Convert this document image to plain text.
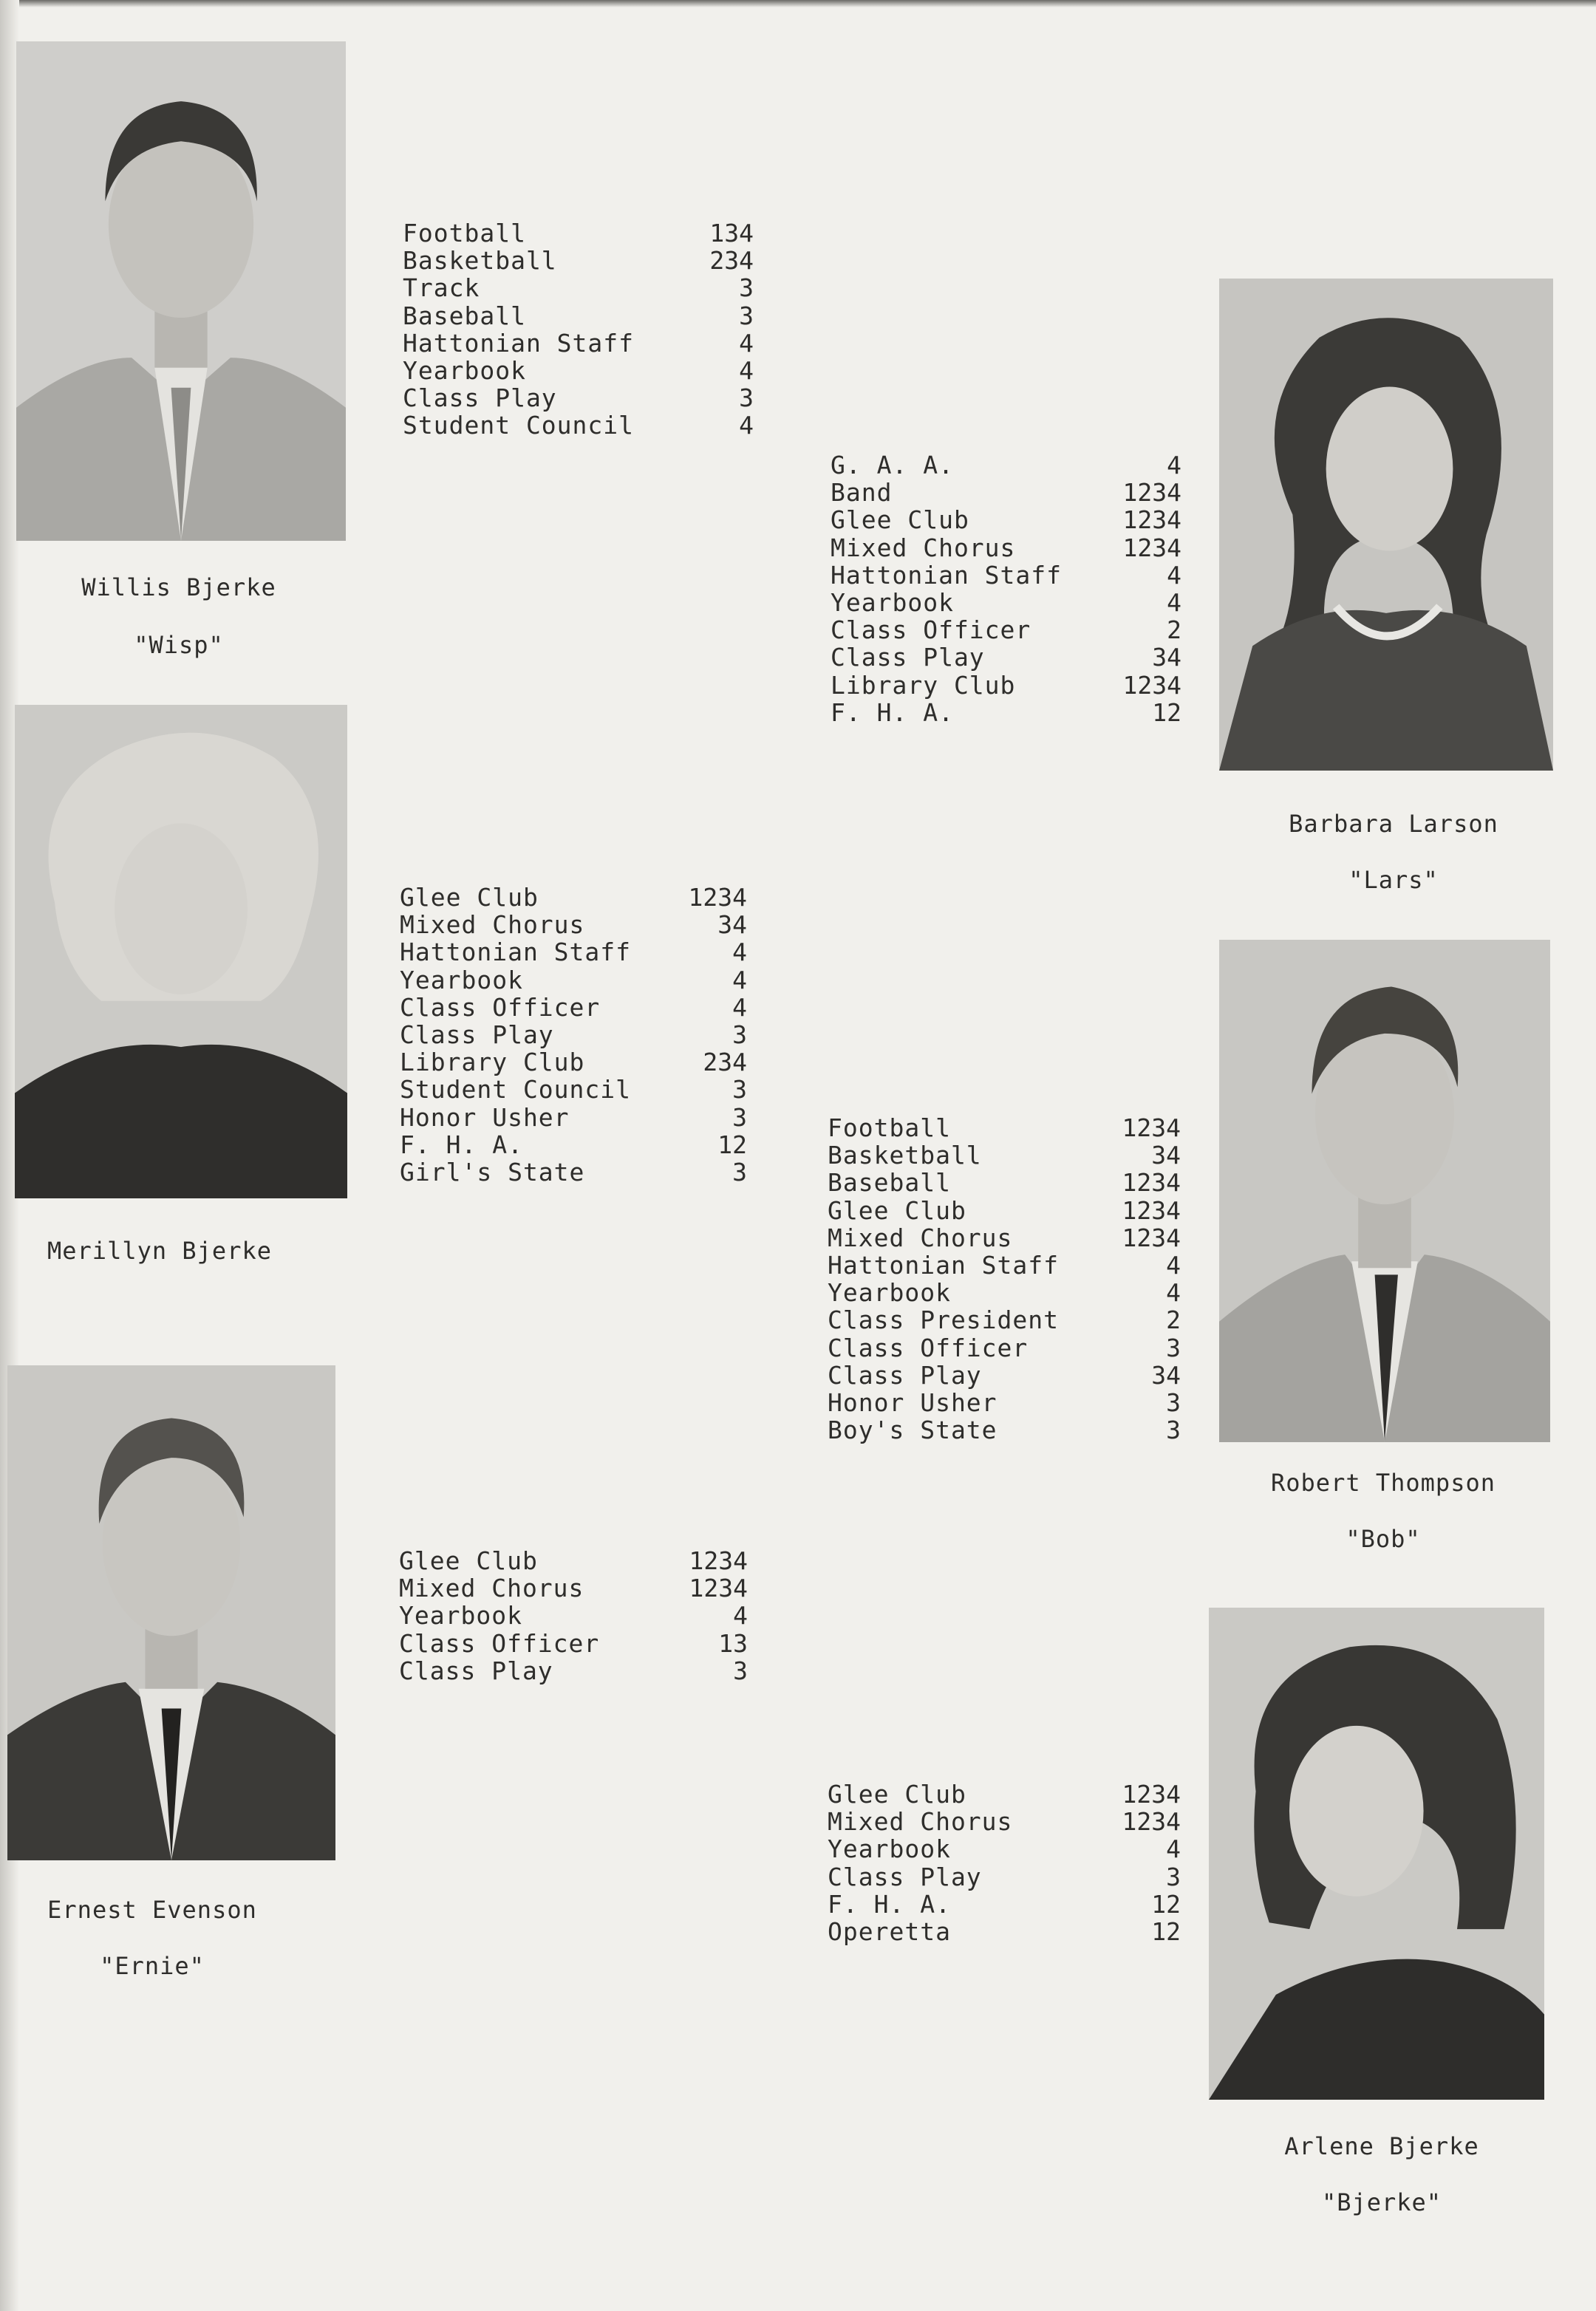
Football	134
Basketball	234
Track	3
Baseball	3
Hattonian Staff	4
Yearbook	4
Class Play	3
Student Council	4
Willis Bjerke
"Wisp"
G. A. A.	4
Band	1234
Glee Club	1234
Mixed Chorus	1234
Hattonian Staff	4
Yearbook	4
Class Officer	2
Class Play	34
Library Club	1234
F. H. A.	12
Barbara Larson
"Lars"
Glee Club	1234
Mixed Chorus	34
Hattonian Staff	4
Yearbook	4
Class Officer	4
Class Play	3
Library Club	234
Student Council	3
Honor Usher	3
F. H. A.	12
Girl's State	3
Merillyn Bjerke
Football	1234
Basketball	34
Baseball	1234
Glee Club	1234
Mixed Chorus	1234
Hattonian Staff	4
Yearbook	4
Class President	2
Class Officer	3
Class Play	34
Honor Usher	3
Boy's State	3
Robert Thompson
"Bob"
Glee Club	1234
Mixed Chorus	1234
Yearbook	4
Class Officer	13
Class Play	3
Ernest Evenson
"Ernie"
Glee Club	1234
Mixed Chorus	1234
Yearbook	4
Class Play	3
F. H. A.	12
Operetta	12
Arlene Bjerke
"Bjerke"
